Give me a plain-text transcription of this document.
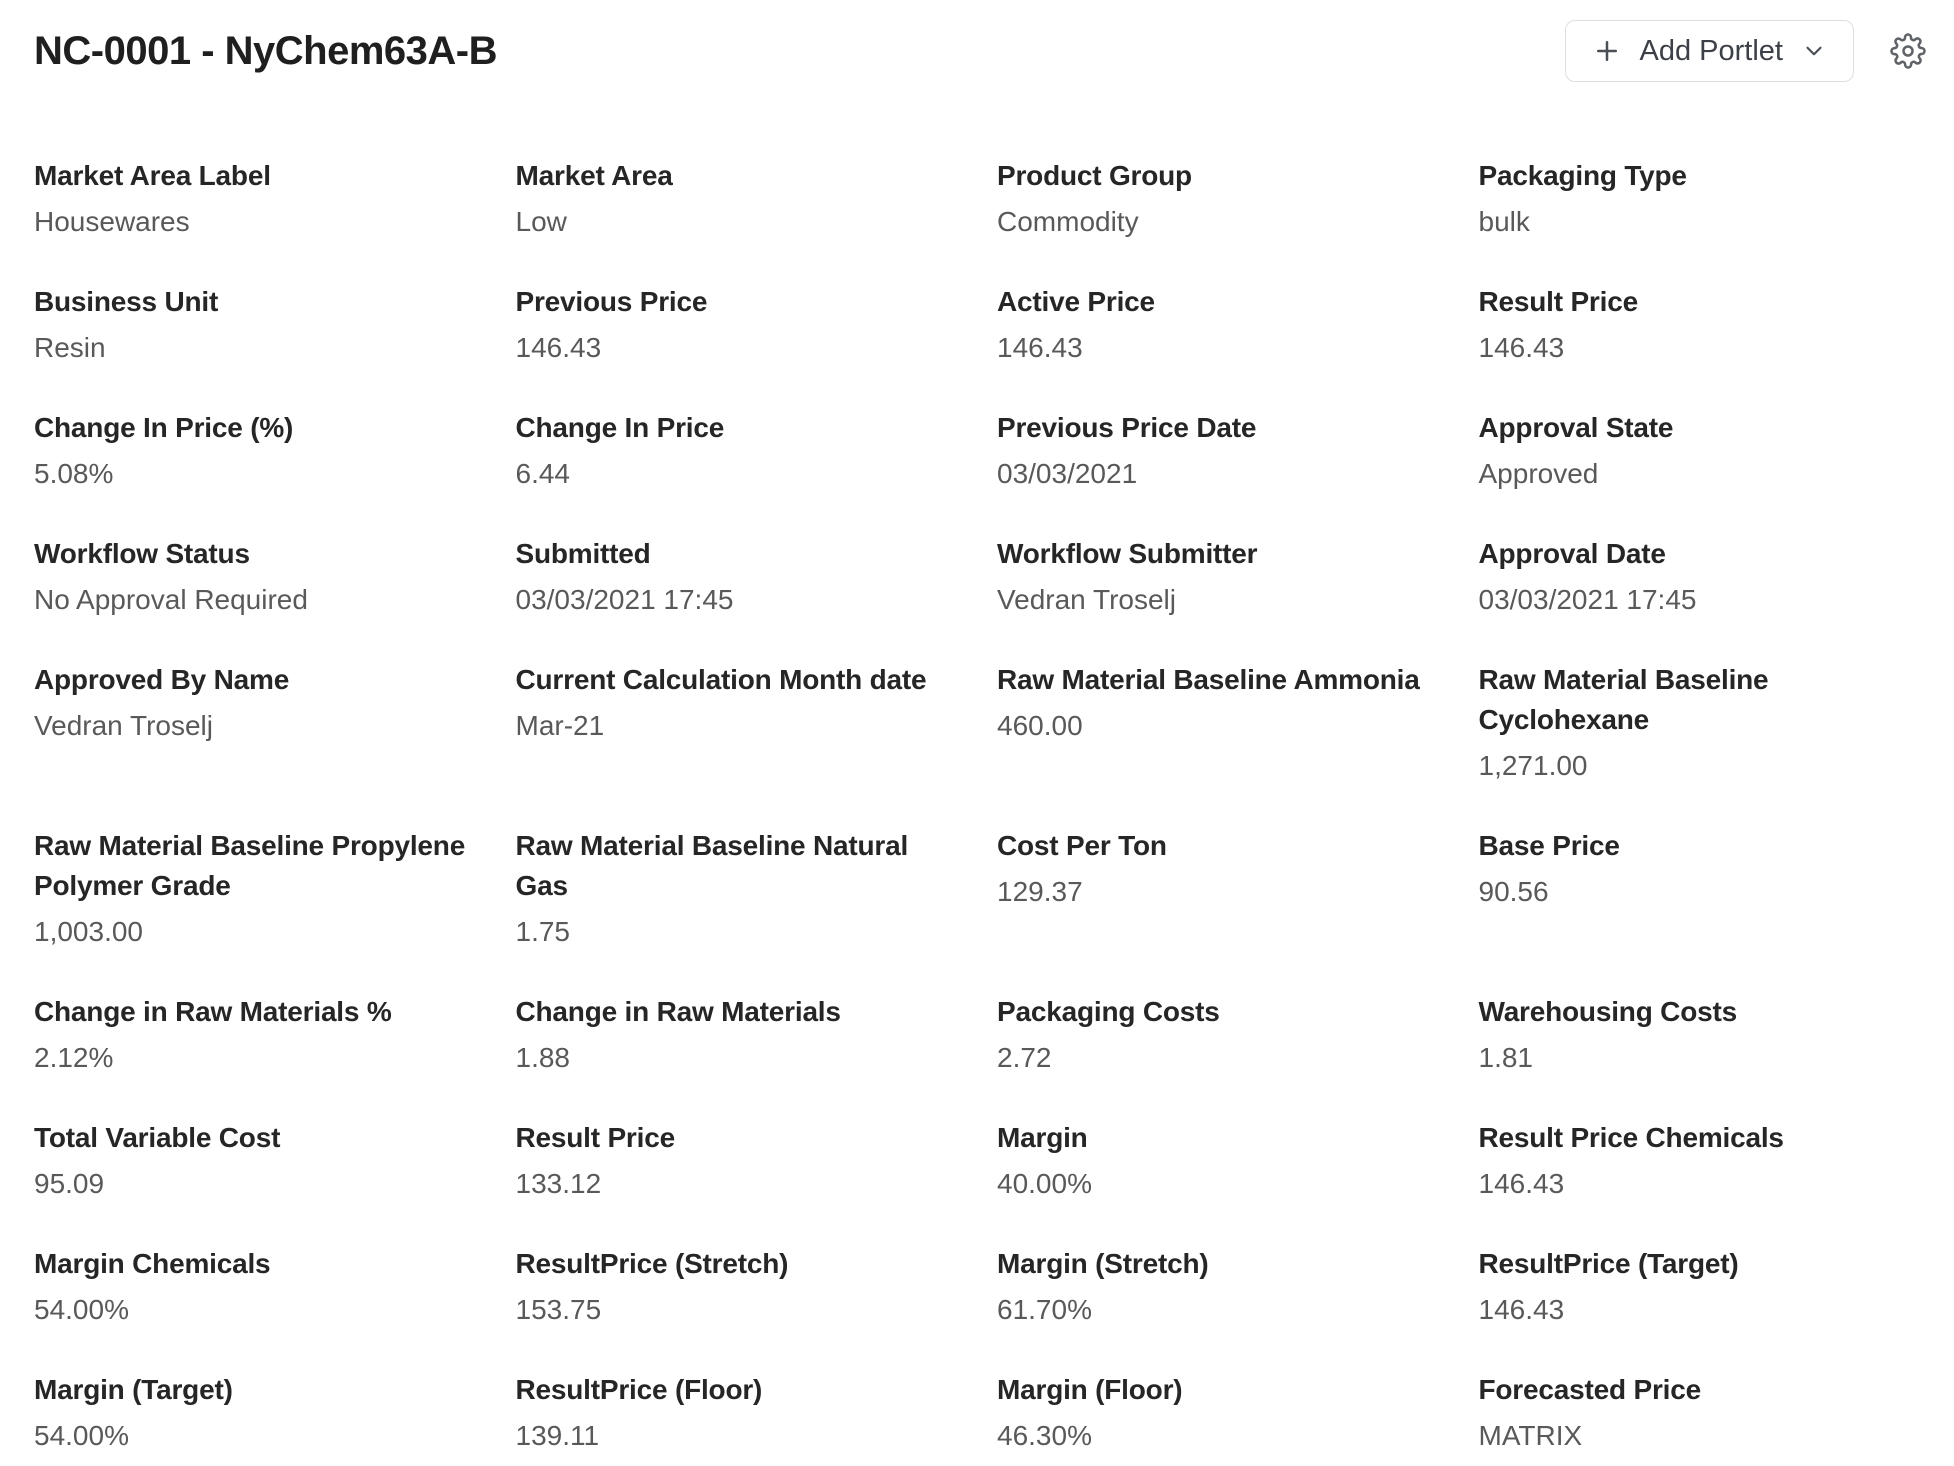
NC-0001 - NyChem63A-B	Add Portlet
Market Area Label
Housewares
Market Area
Low
Product Group
Commodity
Packaging Type
bulk
Business Unit
Resin
Previous Price
146.43
Active Price
146.43
Result Price
146.43
Change In Price (%)
5.08%
Change In Price
6.44
Previous Price Date
03/03/2021
Approval State
Approved
Workflow Status
No Approval Required
Submitted
03/03/2021 17:45
Workflow Submitter
Vedran Troselj
Approval Date
03/03/2021 17:45
Approved By Name
Vedran Troselj
Current Calculation Month date
Mar-21
Raw Material Baseline Ammonia
460.00
Raw Material Baseline Cyclohexane
1,271.00
Raw Material Baseline Propylene Polymer Grade
1,003.00
Raw Material Baseline Natural Gas
1.75
Cost Per Ton
129.37
Base Price
90.56
Change in Raw Materials %
2.12%
Change in Raw Materials
1.88
Packaging Costs
2.72
Warehousing Costs
1.81
Total Variable Cost
95.09
Result Price
133.12
Margin
40.00%
Result Price Chemicals
146.43
Margin Chemicals
54.00%
ResultPrice (Stretch)
153.75
Margin (Stretch)
61.70%
ResultPrice (Target)
146.43
Margin (Target)
54.00%
ResultPrice (Floor)
139.11
Margin (Floor)
46.30%
Forecasted Price
MATRIX
